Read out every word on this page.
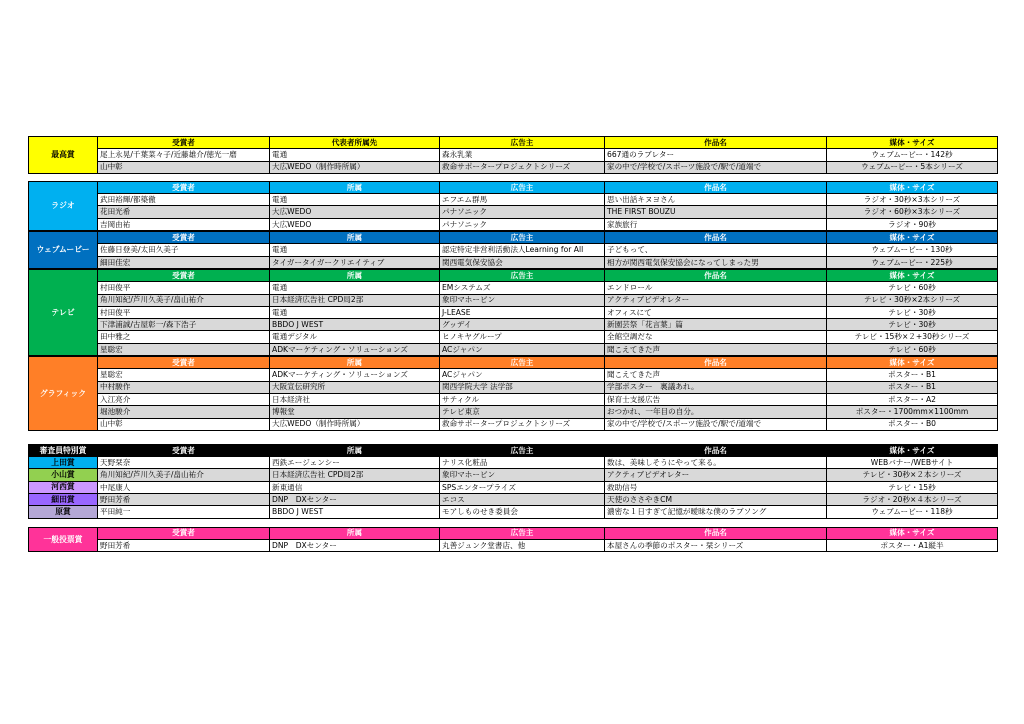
最高賞	受賞者	代表者所属先	広告主	作品名	媒体・サイズ
	尾上永晃/千葉菜々子/近藤雄介/徳光一磨	電通	森永乳業	667通のラブレター	ウェブムービー・142秒
	山中彰	大広WEDO（制作時所属）	救命サポータープロジェクトシリーズ	家の中で/学校で/スポーツ施設で/駅で/道端で	ウェブムービー・5本シリーズ
ラジオ	受賞者	所属	広告主	作品名	媒体・サイズ
	武田裕輝/都築徹	電通	エフエム群馬	思い出話キヌヨさん	ラジオ・30秒×3本シリーズ
	花田光希	大広WEDO	パナソニック	THE FIRST BOUZU	ラジオ・60秒×3本シリーズ
	吉岡由祐	大広WEDO	パナソニック	家族旅行	ラジオ・90秒
ウェブムービー	受賞者	所属	広告主	作品名	媒体・サイズ
	佐藤日登美/太田久美子	電通	認定特定非営利活動法人Learning for All	子どもって、	ウェブムービー・130秒
	細田佳宏	タイガータイガークリエイティブ	関西電気保安協会	相方が関西電気保安協会になってしまった男	ウェブムービー・225秒
テレビ	受賞者	所属	広告主	作品名	媒体・サイズ
	村田俊平	電通	EMシステムズ	エンドロール	テレビ・60秒
	角川知紀/芦川久美子/畠山祐介	日本経済広告社 CPD局2部	象印マホービン	アクティブビデオレター	テレビ・30秒×2本シリーズ
	村田俊平	電通	J-LEASE	オフィスにて	テレビ・30秒
	下津浦誠/古屋彰一/森下浩子	BBDO J WEST	グッデイ	新園芸祭「花言葉」篇	テレビ・30秒
	田中雅之	電通デジタル	ヒノキヤグループ	全館空調だな	テレビ・15秒×２+30秒シリーズ
	星聡宏	ADKマーケティング・ソリューションズ	ACジャパン	聞こえてきた声	テレビ・60秒
グラフィック	受賞者	所属	広告主	作品名	媒体・サイズ
	星聡宏	ADKマーケティング・ソリューションズ	ACジャパン	聞こえてきた声	ポスター・B1
	中村駿作	大阪宣伝研究所	関西学院大学 法学部	学部ポスター　裏議あれ。	ポスター・B1
	入江亮介	日本経済社	サティクル	保育士支援広告	ポスター・A2
	堀池駿介	博報堂	テレビ東京	おつかれ、一年目の自分。	ポスター・1700mm×1100mm
	山中彰	大広WEDO（制作時所属）	救命サポータープロジェクトシリーズ	家の中で/学校で/スポーツ施設で/駅で/道端で	ポスター・B0
審査員特別賞	受賞者	所属	広告主	作品名	媒体・サイズ
上田賞	天野栞奈	西鉄エージェンシー	ナリス化粧品	数は、美味しそうにやって来る。	WEBバナー/WEBサイト
小山賞	角川知紀/芦川久美子/畠山祐介	日本経済広告社 CPD局2部	象印マホービン	アクティブビデオレター	テレビ・30秒×２本シリーズ
河西賞	中尾康人	新東通信	SPSエンタープライズ	救助信号	テレビ・15秒
細田賞	野田芳希	DNP　DXセンター	エコス	天使のささやきCM	ラジオ・20秒×４本シリーズ
原賞	平田純一	BBDO J WEST	モアしものせき委員会	濃密な１日すぎて記憶が曖昧な僕のラブソング	ウェブムービー・118秒
一般投票賞	受賞者	所属	広告主	作品名	媒体・サイズ
	野田芳希	DNP　DXセンター	丸善ジュンク堂書店、他	本屋さんの季節のポスター・栞シリーズ	ポスター・A1縦半
